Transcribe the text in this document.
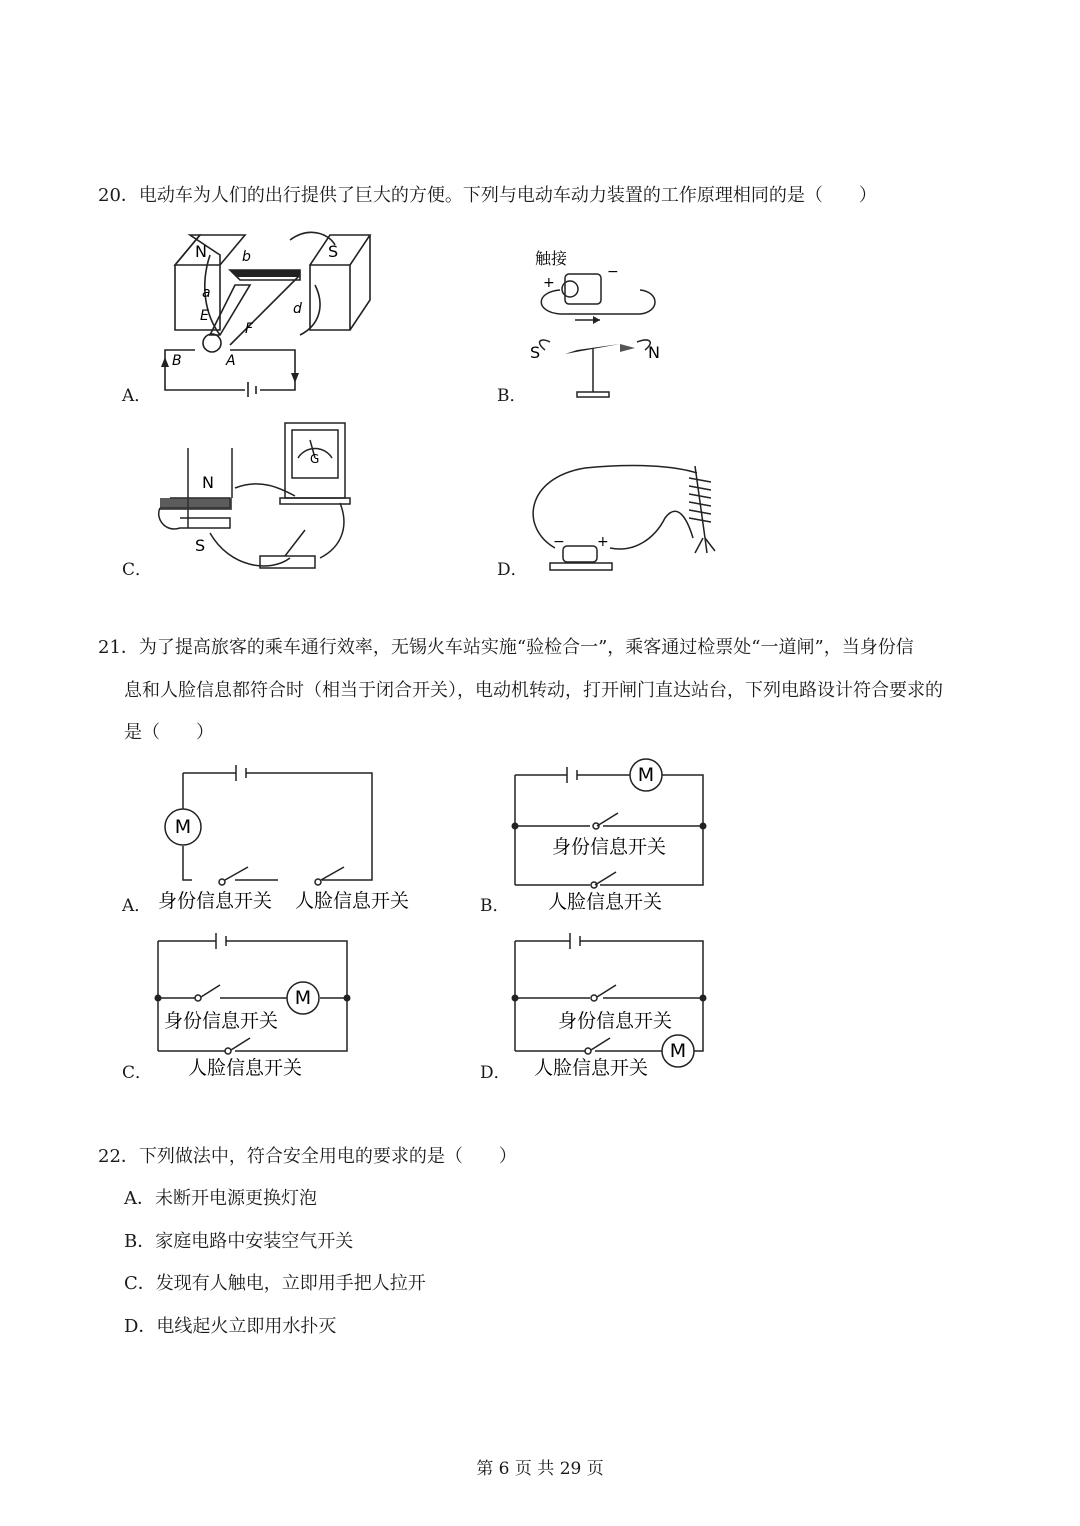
20．电动车为人们的出行提供了巨大的方便。下列与电动车动力装置的工作原理相同的是（　　）
N	S
a
b
d
E
F
B	A
A．
触接
+
−
S	N
B．
N
S
G
C．
− +
D．
21．为了提高旅客的乘车通行效率，无锡火车站实施“验检合一”，乘客通过检票处“一道闸”，当身份信
息和人脸信息都符合时（相当于闭合开关），电动机转动，打开闸门直达站台，下列电路设计符合要求的
是（　　）
M
身份信息开关 人脸信息开关
A．
M
身份信息开关
人脸信息开关
B．
M
身份信息开关
人脸信息开关
C．
M
身份信息开关
人脸信息开关
D．
22．下列做法中，符合安全用电的要求的是（　　）
A．未断开电源更换灯泡
B．家庭电路中安装空气开关
C．发现有人触电，立即用手把人拉开
D．电线起火立即用水扑灭
第 6 页 共 29 页
